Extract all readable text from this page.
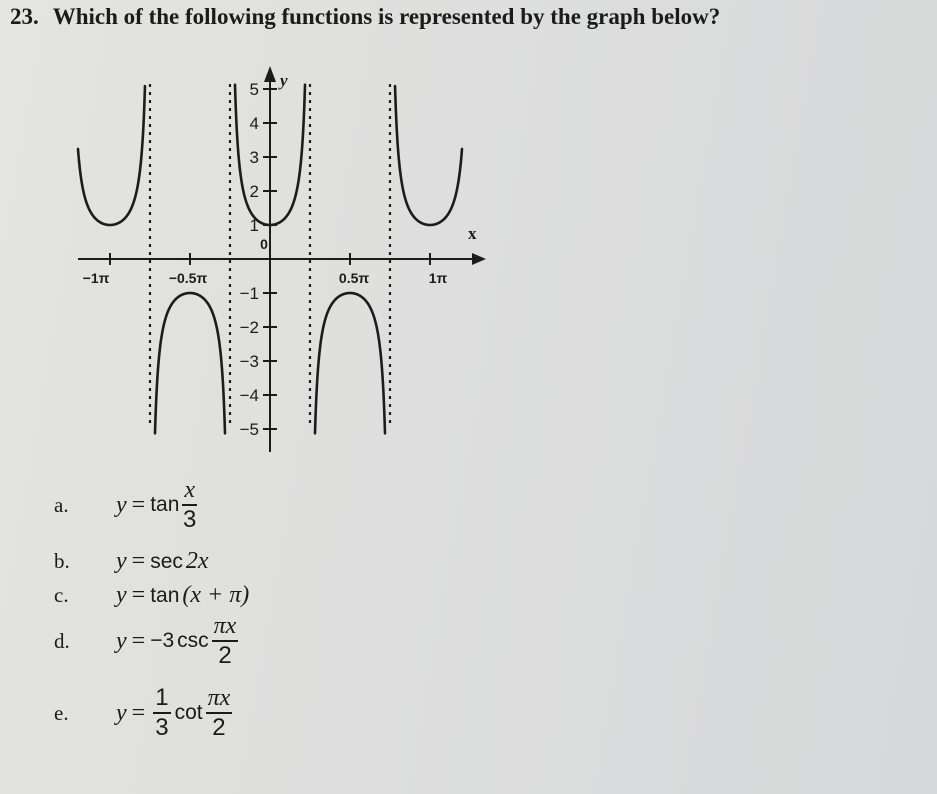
23. Which of the following functions is represented by the graph below?
x
y
−1π	−0.5π
0
0.5π	1π
5
4
3
2
1
−1
−2
−3
−4
−5
a.	$y = \tan \frac{x}{3}$
b.	y = sec 2x
c.	y = tan (x + π)
d.	y = −3 $\csc \frac{\pi x}{2}$
e.	$y = \frac{1}{3}$ $\cot \frac{\pi x}{2}$
